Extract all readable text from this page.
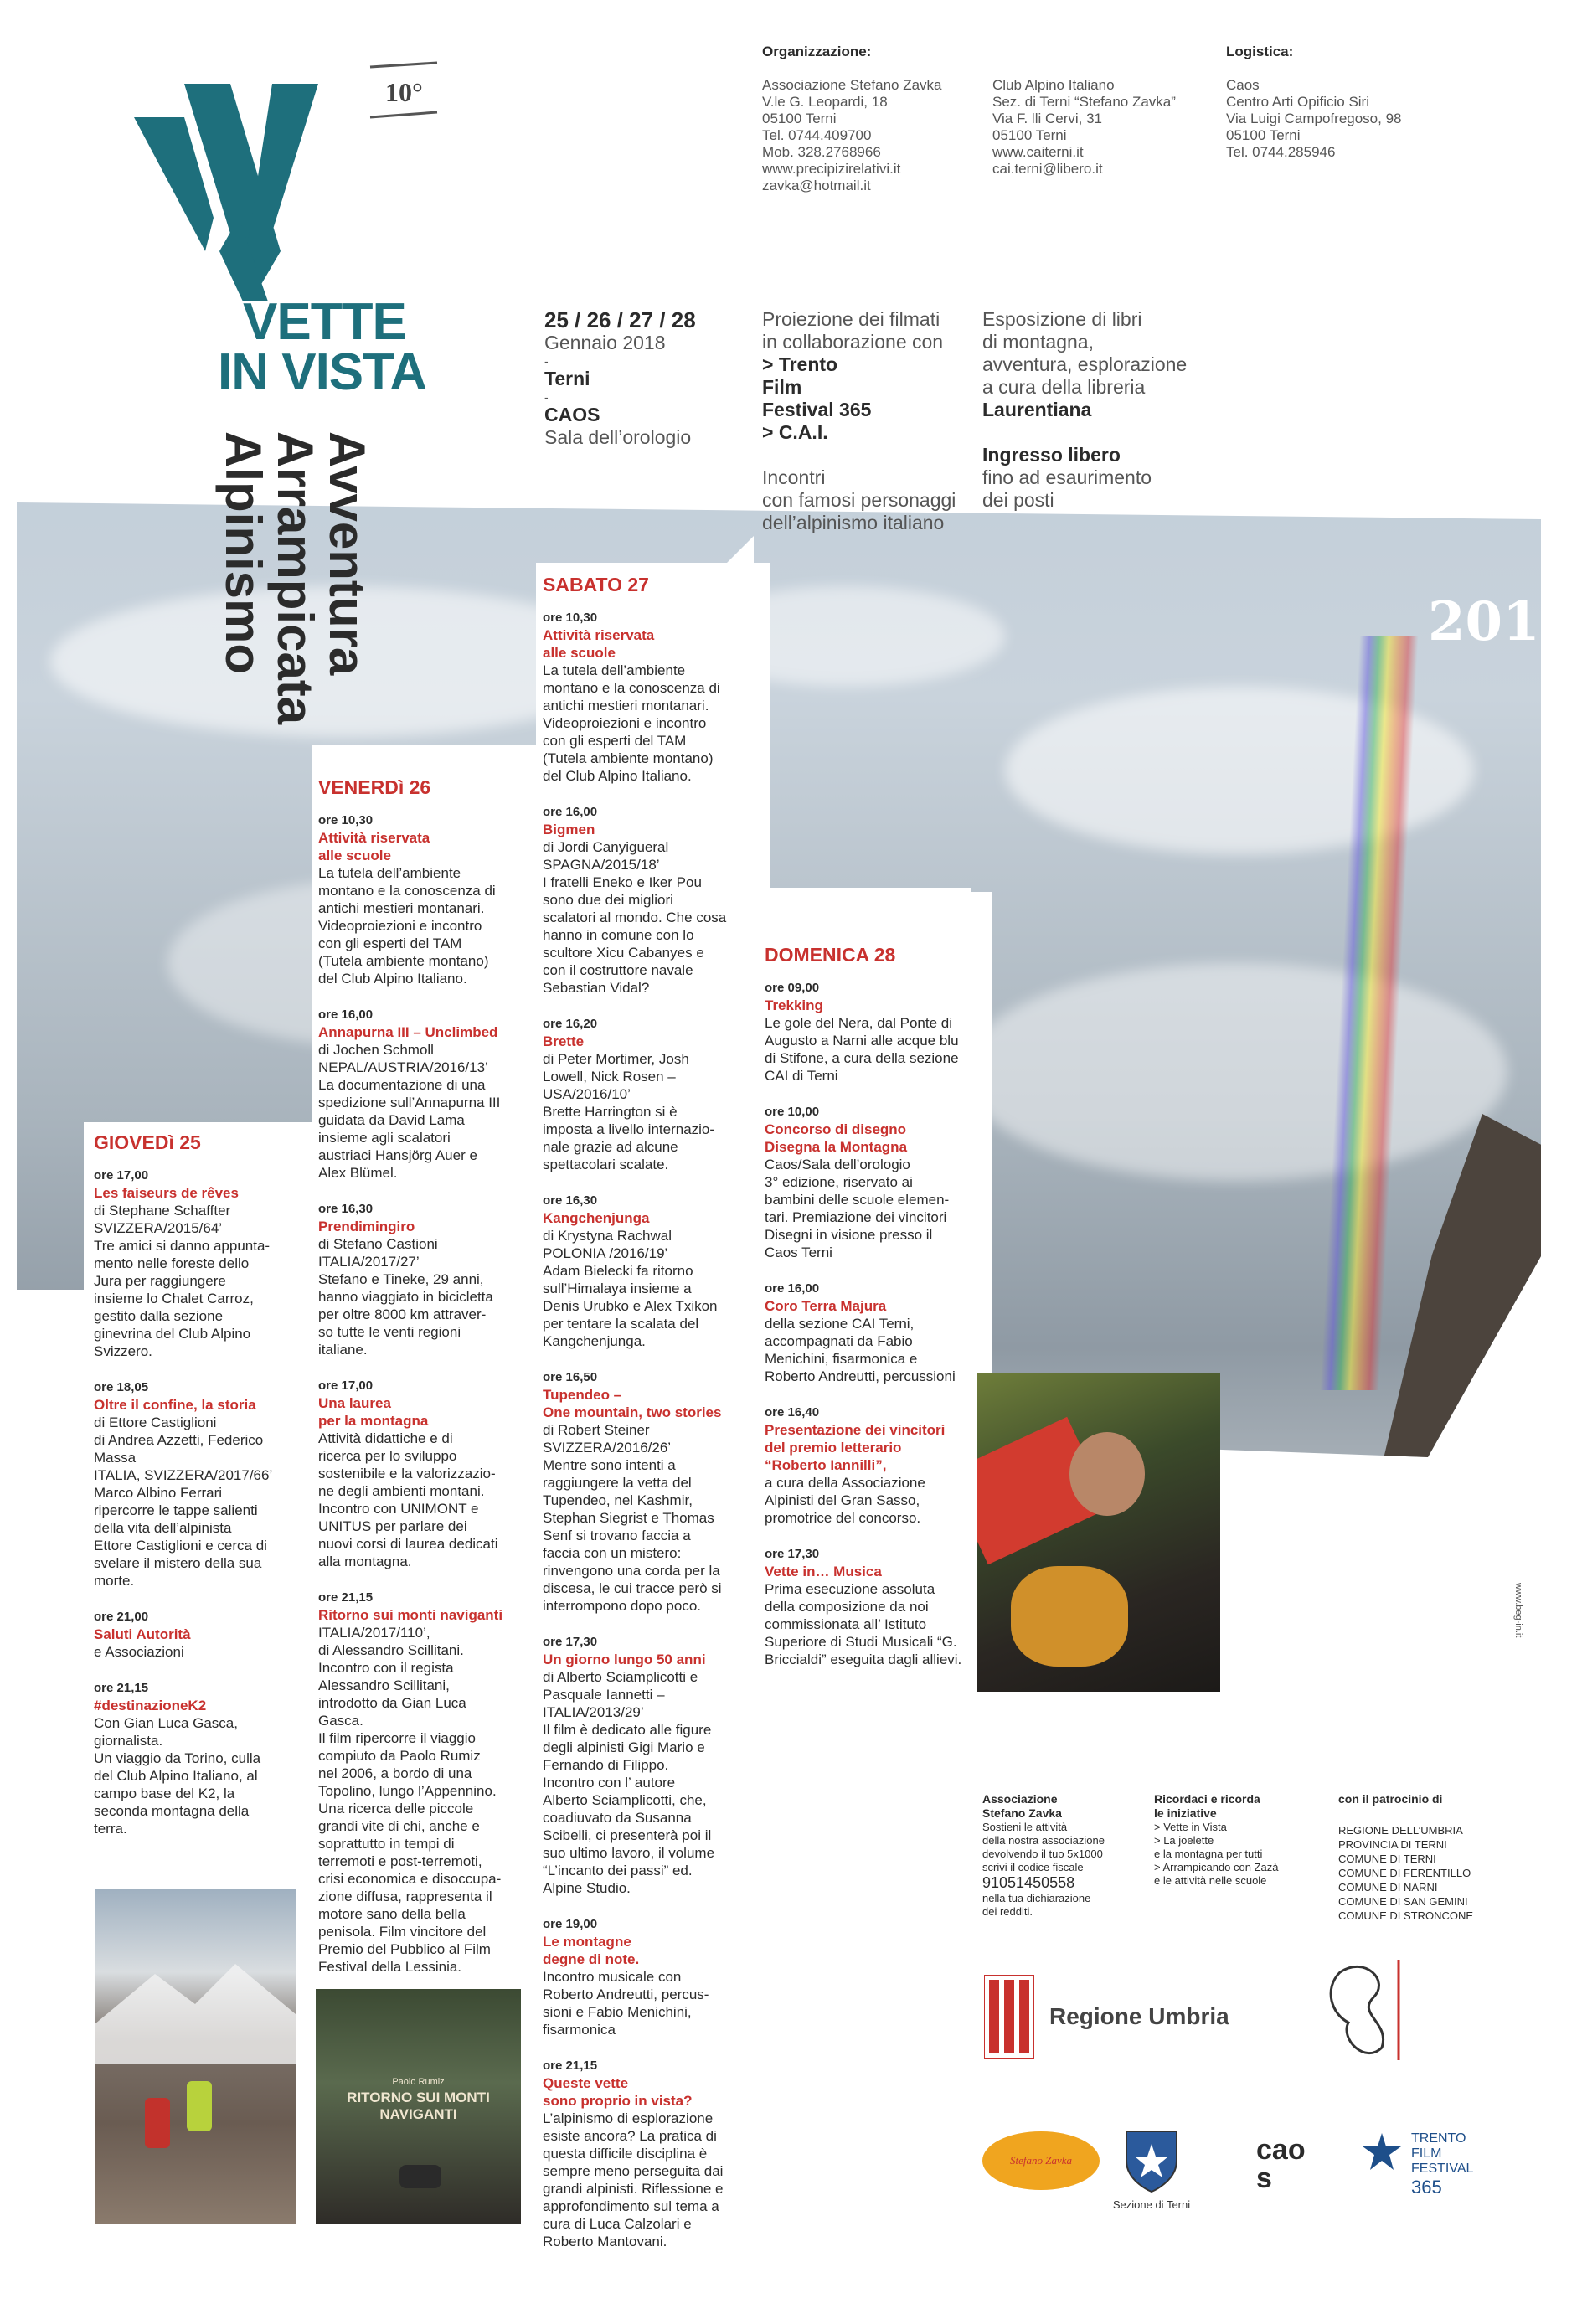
10°
VETTE
IN VISTA
Avventura
Arrampicata
Alpinismo	2018
Organizzazione:
Associazione Stefano Zavka
V.le G. Leopardi, 18
05100 Terni
Tel. 0744.409700
Mob. 328.2768966
www.precipizirelativi.it
zavka@hotmail.it
Club Alpino Italiano
Sez. di Terni “Stefano Zavka”
Via F. lli Cervi, 31
05100 Terni
www.caiterni.it
cai.terni@libero.it
Logistica:
Caos
Centro Arti Opificio Siri
Via Luigi Campofregoso, 98
05100 Terni
Tel. 0744.285946
25 / 26 / 27 / 28
Gennaio 2018
-
Terni
-
CAOS
Sala dell’orologio
Proiezione dei filmati
in collaborazione con
> Trento
Film
Festival 365
> C.A.I.
Incontri
con famosi personaggi
dell’alpinismo italiano
Esposizione di libri
di montagna,
avventura, esplorazione
a cura della libreria
Laurentiana
Ingresso libero
fino ad esaurimento
dei posti
GIOVEDì 25
ore 17,00
Les faiseurs de rêves
di Stephane Schaffter
SVIZZERA/2015/64’
Tre amici si danno appunta-
mento nelle foreste dello
Jura per raggiungere
insieme lo Chalet Carroz,
gestito dalla sezione
ginevrina del Club Alpino
Svizzero.
ore 18,05
Oltre il confine, la storia
di Ettore Castiglioni
di Andrea Azzetti, Federico
Massa
ITALIA, SVIZZERA/2017/66’
Marco Albino Ferrari
ripercorre le tappe salienti
della vita dell’alpinista
Ettore Castiglioni e cerca di
svelare il mistero della sua
morte.
ore 21,00
Saluti Autorità
e Associazioni
ore 21,15
#destinazioneK2
Con Gian Luca Gasca,
giornalista.
Un viaggio da Torino, culla
del Club Alpino Italiano, al
campo base del K2, la
seconda montagna della
terra.
VENERDì 26
ore 10,30
Attività riservata
alle scuole
La tutela dell’ambiente
montano e la conoscenza di
antichi mestieri montanari.
Videoproiezioni e incontro
con gli esperti del TAM
(Tutela ambiente montano)
del Club Alpino Italiano.
ore 16,00
Annapurna III – Unclimbed
di Jochen Schmoll
NEPAL/AUSTRIA/2016/13’
La documentazione di una
spedizione sull’Annapurna III
guidata da David Lama
insieme agli scalatori
austriaci Hansjörg Auer e
Alex Blümel.
ore 16,30
Prendimingiro
di Stefano Castioni
ITALIA/2017/27’
Stefano e Tineke, 29 anni,
hanno viaggiato in bicicletta
per oltre 8000 km attraver-
so tutte le venti regioni
italiane.
ore 17,00
Una laurea
per la montagna
Attività didattiche e di
ricerca per lo sviluppo
sostenibile e la valorizzazio-
ne degli ambienti montani.
Incontro con UNIMONT e
UNITUS per parlare dei
nuovi corsi di laurea dedicati
alla montagna.
ore 21,15
Ritorno sui monti naviganti
ITALIA/2017/110’,
di Alessandro Scillitani.
Incontro con il regista
Alessandro Scillitani,
introdotto da Gian Luca
Gasca.
Il film ripercorre il viaggio
compiuto da Paolo Rumiz
nel 2006, a bordo di una
Topolino, lungo l’Appennino.
Una ricerca delle piccole
grandi vite di chi, anche e
soprattutto in tempi di
terremoti e post-terremoti,
crisi economica e disoccupa-
zione diffusa, rappresenta il
motore sano della bella
penisola. Film vincitore del
Premio del Pubblico al Film
Festival della Lessinia.
SABATO 27
ore 10,30
Attività riservata
alle scuole
La tutela dell’ambiente
montano e la conoscenza di
antichi mestieri montanari.
Videoproiezioni e incontro
con gli esperti del TAM
(Tutela ambiente montano)
del Club Alpino Italiano.
ore 16,00
Bigmen
di Jordi Canyigueral
SPAGNA/2015/18’
I fratelli Eneko e Iker Pou
sono due dei migliori
scalatori al mondo. Che cosa
hanno in comune con lo
scultore Xicu Cabanyes e
con il costruttore navale
Sebastian Vidal?
ore 16,20
Brette
di Peter Mortimer, Josh
Lowell, Nick Rosen –
USA/2016/10’
Brette Harrington si è
imposta a livello internazio-
nale grazie ad alcune
spettacolari scalate.
ore 16,30
Kangchenjunga
di Krystyna Rachwal
POLONIA /2016/19’
Adam Bielecki fa ritorno
sull’Himalaya insieme a
Denis Urubko e Alex Txikon
per tentare la scalata del
Kangchenjunga.
ore 16,50
Tupendeo –
One mountain, two stories
di Robert Steiner
SVIZZERA/2016/26’
Mentre sono intenti a
raggiungere la vetta del
Tupendeo, nel Kashmir,
Stephan Siegrist e Thomas
Senf si trovano faccia a
faccia con un mistero:
rinvengono una corda per la
discesa, le cui tracce però si
interrompono dopo poco.
ore 17,30
Un giorno lungo 50 anni
di Alberto Sciamplicotti e
Pasquale Iannetti –
ITALIA/2013/29’
Il film è dedicato alle figure
degli alpinisti Gigi Mario e
Fernando di Filippo.
Incontro con l’ autore
Alberto Sciamplicotti, che,
coadiuvato da Susanna
Scibelli, ci presenterà poi il
suo ultimo lavoro, il volume
“L’incanto dei passi” ed.
Alpine Studio.
ore 19,00
Le montagne
degne di note.
Incontro musicale con
Roberto Andreutti, percus-
sioni e Fabio Menichini,
fisarmonica
ore 21,15
Queste vette
sono proprio in vista?
L’alpinismo di esplorazione
esiste ancora? La pratica di
questa difficile disciplina è
sempre meno perseguita dai
grandi alpinisti. Riflessione e
approfondimento sul tema a
cura di Luca Calzolari e
Roberto Mantovani.
DOMENICA 28
ore 09,00
Trekking
Le gole del Nera, dal Ponte di
Augusto a Narni alle acque blu
di Stifone, a cura della sezione
CAI di Terni
ore 10,00
Concorso di disegno
Disegna la Montagna
Caos/Sala dell’orologio
3° edizione, riservato ai
bambini delle scuole elemen-
tari. Premiazione dei vincitori
Disegni in visione presso il
Caos Terni
ore 16,00
Coro Terra Majura
della sezione CAI Terni,
accompagnati da Fabio
Menichini, fisarmonica e
Roberto Andreutti, percussioni
ore 16,40
Presentazione dei vincitori
del premio letterario
“Roberto Iannilli”,
a cura della Associazione
Alpinisti del Gran Sasso,
promotrice del concorso.
ore 17,30
Vette in… Musica
Prima esecuzione assoluta
della composizione da noi
commissionata all’ Istituto
Superiore di Studi Musicali “G.
Briccialdi” eseguita dagli allievi.
Paolo Rumiz
RITORNO SUI MONTI NAVIGANTI
Associazione
Stefano Zavka
Sostieni le attività
della nostra associazione
devolvendo il tuo 5x1000
scrivi il codice fiscale
91051450558
nella tua dichiarazione
dei redditi.
Ricordaci e ricorda
le iniziative
> Vette in Vista
> La joelette
e la montagna per tutti
> Arrampicando con Zazà
e le attività nelle scuole
con il patrocinio di
REGIONE DELL’UMBRIA
PROVINCIA DI TERNI
COMUNE DI TERNI
COMUNE DI FERENTILLO
COMUNE DI NARNI
COMUNE DI SAN GEMINI
COMUNE DI STRONCONE
Regione Umbria
Stefano Zavka
Sezione di Terni
caos
TRENTO
FILM
FESTIVAL
365
www.beg-in.it
